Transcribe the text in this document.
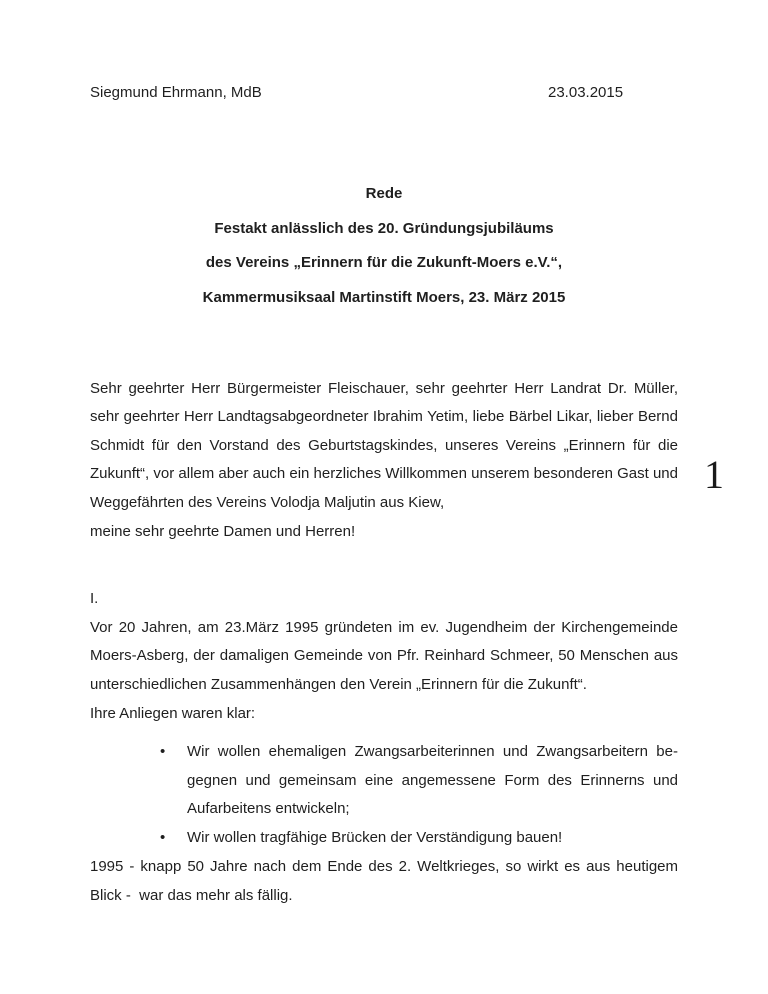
Siegmund Ehrmann, MdB	23.03.2015
Rede
Festakt anlässlich des 20. Gründungsjubiläums
des Vereins „Erinnern für die Zukunft-Moers e.V.“,
Kammermusiksaal Martinstift Moers, 23. März 2015

Sehr geehrter Herr Bürgermeister Fleischauer, sehr geehrter Herr Landrat Dr. Müller, sehr geehrter Herr Landtagsabgeordneter Ibrahim Yetim, liebe Bärbel Likar, lieber Bernd Schmidt für den Vorstand des Geburtstagskindes, unseres Vereins „Erinnern für die Zukunft“, vor allem aber auch ein herzliches Willkommen unserem besonderen Gast und Weggefährten des Vereins Volodja Maljutin aus Kiew,

meine sehr geehrte Damen und Herren!

I.

Vor 20 Jahren, am 23.März 1995 gründeten im ev. Jugendheim der Kirchengemeinde Moers-Asberg, der damaligen Gemeinde von Pfr. Reinhard Schmeer, 50 Menschen aus unterschiedlichen Zusammenhängen den Verein „Erinnern für die Zukunft“.

Ihre Anliegen waren klar:

• Wir wollen ehemaligen Zwangsarbeiterinnen und Zwangsarbeitern begegnen und gemeinsam eine angemessene Form des Erinnerns und Aufarbeitens entwickeln;
• Wir wollen tragfähige Brücken der Verständigung bauen!

1995 - knapp 50 Jahre nach dem Ende des 2. Weltkrieges, so wirkt es aus heutigem Blick -  war das mehr als fällig.

1
